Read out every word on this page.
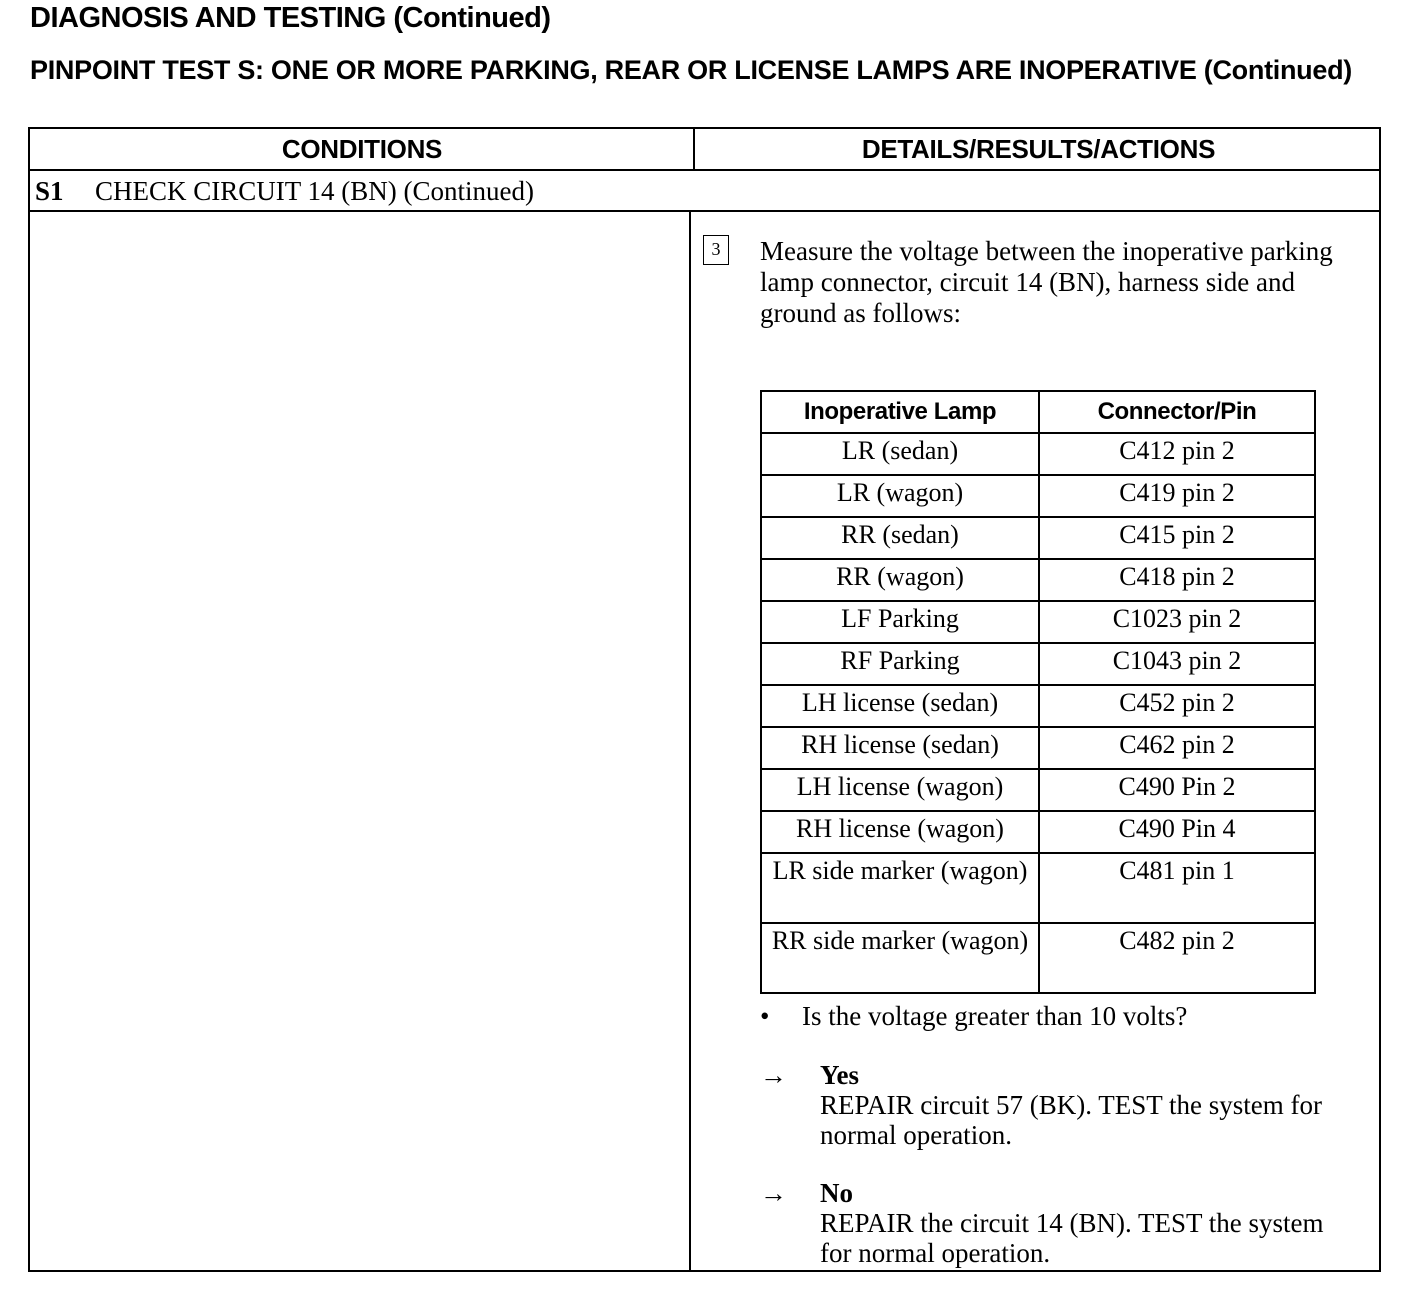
DIAGNOSIS AND TESTING (Continued)
PINPOINT TEST S: ONE OR MORE PARKING, REAR OR LICENSE LAMPS ARE INOPERATIVE (Continued)
CONDITIONS	DETAILS/RESULTS/ACTIONS
S1 CHECK CIRCUIT 14 (BN) (Continued)
3	Measure the voltage between the inoperative parking lamp connector, circuit 14 (BN), harness side and ground as follows:

Inoperative Lamp	Connector/Pin
LR (sedan)	C412 pin 2
LR (wagon)	C419 pin 2
RR (sedan)	C415 pin 2
RR (wagon)	C418 pin 2
LF Parking	C1023 pin 2
RF Parking	C1043 pin 2
LH license (sedan)	C452 pin 2
RH license (sedan)	C462 pin 2
LH license (wagon)	C490 Pin 2
RH license (wagon)	C490 Pin 4
LR side marker (wagon)	C481 pin 1
RR side marker (wagon)	C482 pin 2
• Is the voltage greater than 10 volts?
→	Yes
REPAIR circuit 57 (BK). TEST the system for normal operation.
→	No
REPAIR the circuit 14 (BN). TEST the system for normal operation.
